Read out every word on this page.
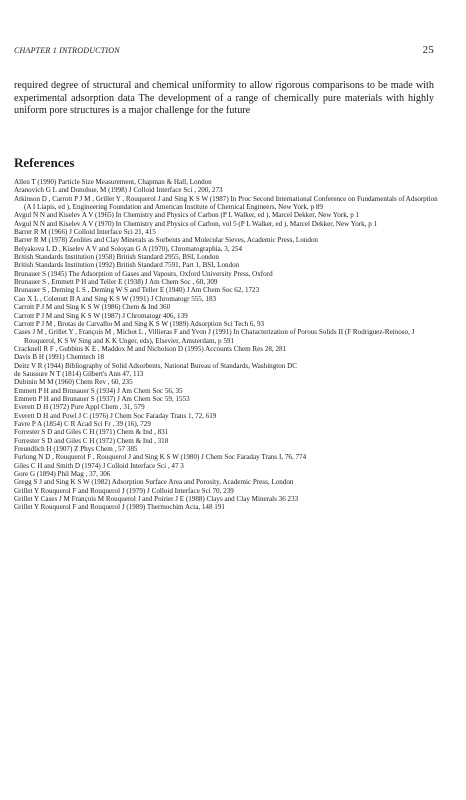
CHAPTER 1 INTRODUCTION	25
required degree of structural and chemical uniformity to allow rigorous comparisons to be made with experimental adsorption data The development of a range of chemically pure materials with highly uniform pore structures is a major challenge for the future
References
Allen T (1990) Particle Size Measurement, Chapman & Hall, London
Aranovich G L and Donohue, M (1998) J Colloid Interface Sci , 200, 273
Atkinson D , Carrott P J M , Grillet Y , Rouquerol J and Sing K S W (1987) In Proc Second International Conference on Fundamentals of Adsorption (A I Liapis, ed ), Engineering Foundation and American Institute of Chemical Engineers, New York, p 89
Avgul N N and Kiselev A V (1965) In Chemistry and Physics of Carbon (P L Walker, ed ), Marcel Dekker, New York, p 1
Avgul N N and Kiselev A V (1970) In Chemistry and Physics of Carbon, vol 5 (P L Walker, ed ), Marcel Dekker, New York, p 1
Barrer R M (1966) J Colloid Interface Sci 21, 415
Barrer R M (1978) Zeolites and Clay Minerals as Sorbents and Molecular Sieves, Academic Press, London
Belyakova L D , Kiselev A V and Soloyan G A (1970), Chromatographia, 3, 254
British Standards Institution (1958) British Standard 2955, BSI, London
British Standards Institution (1992) British Standard 7591, Part 1, BSI, London
Brunauer S (1945) The Adsorption of Gases and Vapours, Oxford University Press, Oxford
Brunauer S , Emmett P H and Teller E (1938) J Am Chem Soc , 60, 309
Brunauer S , Deming L S , Deming W S and Teller E (1940) J Am Chem Soc 62, 1723
Cao X L , Colenutt B A and Sing K S W (1991) J Chromatogr 555, 183
Carrott P J M and Sing K S W (1986) Chem & Ind 360
Carrott P J M and Sing K S W (1987) J Chromatogr 406, 139
Carrott P J M , Brotas de Carvalho M and Sing K S W (1989) Adsorption Sci Tech 6, 93
Cases J M , Grillet Y , François M , Michot L , Villieras F and Yvon J (1991) In Characterization of Porous Solids II (F Rodriguez-Reinoso, J Rouquerol, K S W Sing and K K Unger, eds), Elsevier, Amsterdam, p 591
Cracknell R F , Gubbins K E , Maddox M and Nicholson D (1995) Accounts Chem Res 28, 281
Davis B H (1991) Chemtech 18
Deitz V R (1944) Bibliography of Solid Adsorbents, National Bureau of Standards, Washington DC
de Saussure N T (1814) Gilbert's Ann 47, 113
Dubinin M M (1960) Chem Rev , 60, 235
Emmett P H and Brunauer S (1934) J Am Chem Soc 56, 35
Emmett P H and Brunauer S (1937) J Am Chem Soc 59, 1553
Everett D H (1972) Pure Appl Chem , 31, 579
Everett D H and Powl J C (1976) J Chem Soc Faraday Trans 1, 72, 619
Favre P A (1854) C R Acad Sci Fr , 39 (16), 729
Forrester S D and Giles C H (1971) Chem & Ind , 831
Forrester S D and Giles C H (1972) Chem & Ind , 318
Freundlich H (1907) Z Phys Chem , 57 385
Furlong N D , Rouquerol F , Rouquerol J and Sing K S W (1980) J Chem Soc Faraday Trans I, 76, 774
Giles C H and Smith D (1974) J Colloid Interface Sci , 47 3
Gore G (1894) Phil Mag , 37, 306
Gregg S J and Sing K S W (1982) Adsorption Surface Area and Porosity, Academic Press, London
Grillet Y Rouquerol F and Rouquerol J (1979) J Colloid Interface Sci 70, 239
Grillet Y Cases J M François M Rouquerol J and Poirier J E (1988) Clays and Clay Minerals 36 233
Grillet Y Rouquerol F and Rouquerol J (1989) Thermochim Acta, 148 191
